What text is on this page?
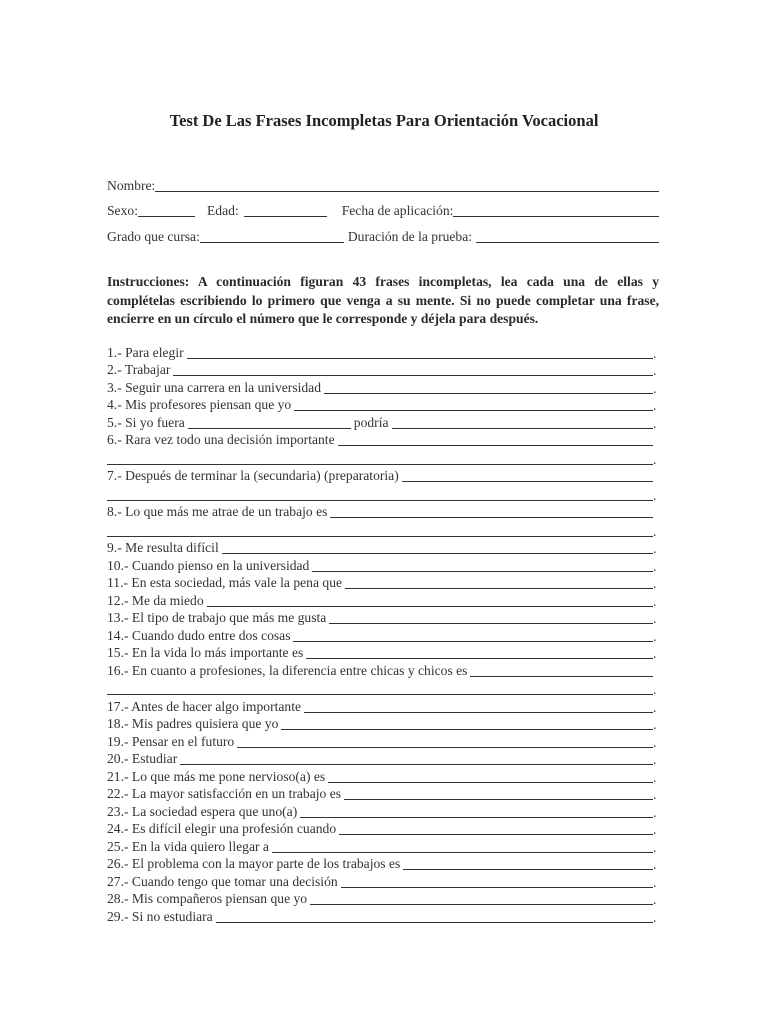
Test De Las Frases Incompletas Para Orientación Vocacional
Nombre:
Sexo:	Edad:	Fecha de aplicación:
Grado que cursa:	Duración de la prueba:
Instrucciones: A continuación figuran 43 frases incompletas, lea cada una de ellas y complételas escribiendo lo primero que venga a su mente. Si no puede completar una frase, encierre en un círculo el número que le corresponde y déjela para después.
1.- Para elegir	.
2.- Trabajar	.
3.- Seguir una carrera en la universidad	.
4.- Mis profesores piensan que yo	.
5.- Si yo fuera	podría	.
6.- Rara vez todo una decisión importante
.
7.- Después de terminar la (secundaria) (preparatoria)
.
8.- Lo que más me atrae de un trabajo es
.
9.- Me resulta difícil	.
10.- Cuando pienso en la universidad	.
11.- En esta sociedad, más vale la pena que	.
12.- Me da miedo	.
13.- El tipo de trabajo que más me gusta	.
14.- Cuando dudo entre dos cosas	.
15.- En la vida lo más importante es	.
16.- En cuanto a profesiones, la diferencia entre chicas y chicos es
.
17.- Antes de hacer algo importante	.
18.- Mis padres quisiera que yo	.
19.- Pensar en el futuro	.
20.- Estudiar	.
21.- Lo que más me pone nervioso(a) es	.
22.- La mayor satisfacción en un trabajo es	.
23.- La sociedad espera que uno(a)	.
24.- Es difícil elegir una profesión cuando	.
25.- En la vida quiero llegar a	.
26.- El problema con la mayor parte de los trabajos es	.
27.- Cuando tengo que tomar una decisión	.
28.- Mis compañeros piensan que yo	.
29.- Si no estudiara	.
